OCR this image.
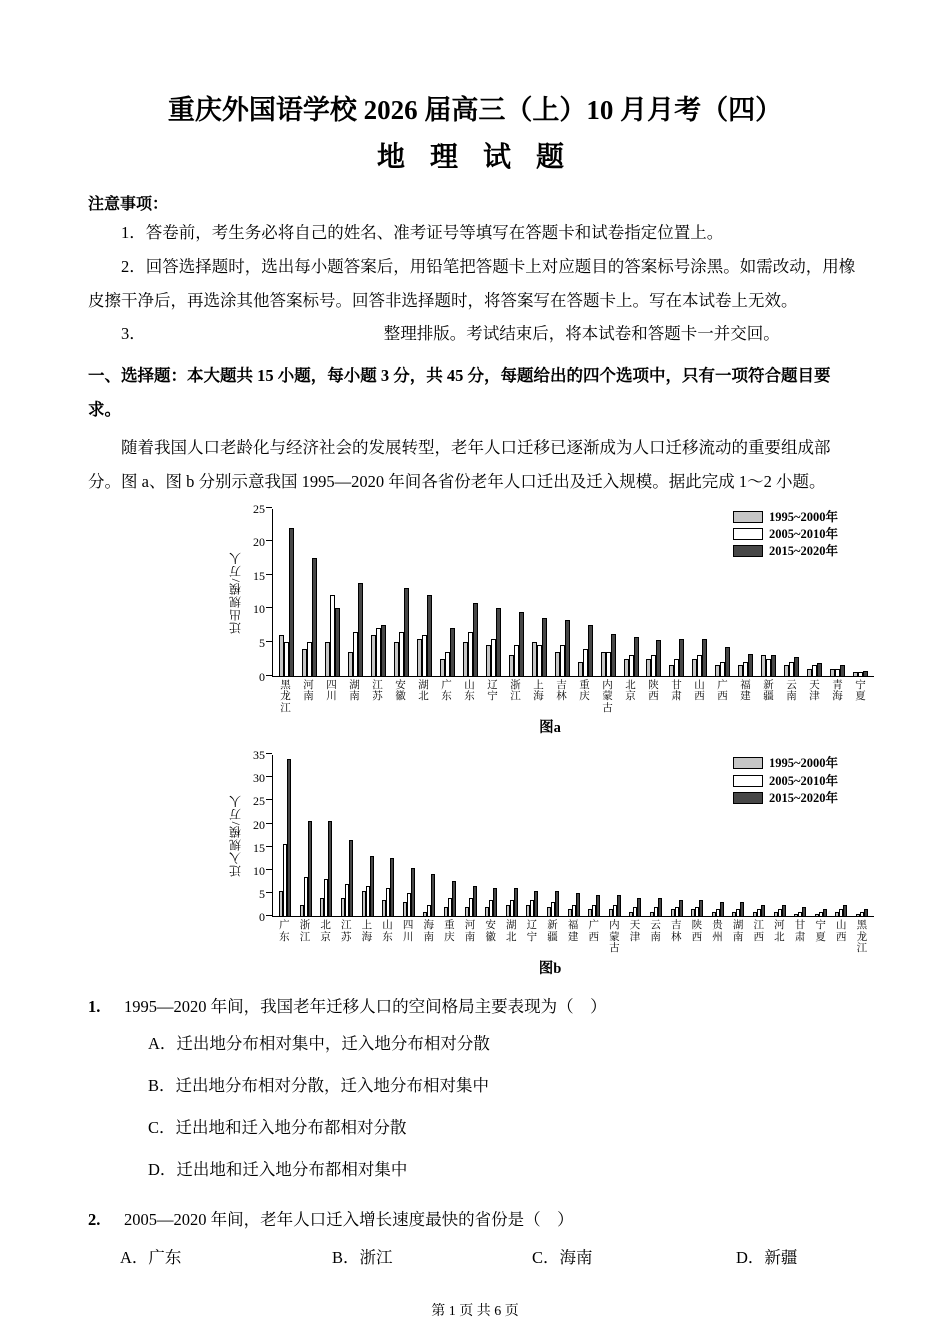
重庆外国语学校 2026 届高三（上）10 月月考（四）
地 理 试 题

注意事项：

1．答卷前，考生务必将自己的姓名、准考证号等填写在答题卡和试卷指定位置上。

2．回答选择题时，选出每小题答案后，用铅笔把答题卡上对应题目的答案标号涂黑。如需改动，用橡皮擦干净后，再选涂其他答案标号。回答非选择题时，将答案写在答题卡上。写在本试卷上无效。

3．	整理排版。考试结束后，将本试卷和答题卡一并交回。

一、选择题：本大题共 15 小题，每小题 3 分，共 45 分，每题给出的四个选项中，只有一项符合题目要求。

随着我国人口老龄化与经济社会的发展转型，老年人口迁移已逐渐成为人口迁移流动的重要组成部分。图 a、图 b 分别示意我国 1995—2020 年间各省份老年人口迁出及迁入规模。据此完成 1～2 小题。

迁出规模/万人
0
5
10
15
20
25
黑龙江
河南
四川
湖南
江苏
安徽
湖北
广东
山东
辽宁
浙江
上海
吉林
重庆
内蒙古
北京
陕西
甘肃
山西
广西
福建
新疆
云南
天津
青海
宁夏
1995~2000年
2005~2010年
2015~2020年
图a
迁入规模/万人
0
5
10
15
20
25
30
35
广东
浙江
北京
江苏
上海
山东
四川
海南
重庆
河南
安徽
湖北
辽宁
新疆
福建
广西
内蒙古
天津
云南
吉林
陕西
贵州
湖南
江西
河北
甘肃
宁夏
山西
黑龙江
1995~2000年
2005~2010年
2015~2020年
图b
1.	1995—2020 年间，我国老年迁移人口的空间格局主要表现为（　）
A．迁出地分布相对集中，迁入地分布相对分散
B．迁出地分布相对分散，迁入地分布相对集中
C．迁出地和迁入地分布都相对分散
D．迁出地和迁入地分布都相对集中
2.	2005—2020 年间，老年人口迁入增长速度最快的省份是（　）
A．广东	B．浙江	C．海南	D．新疆
第 1 页 共 6 页
